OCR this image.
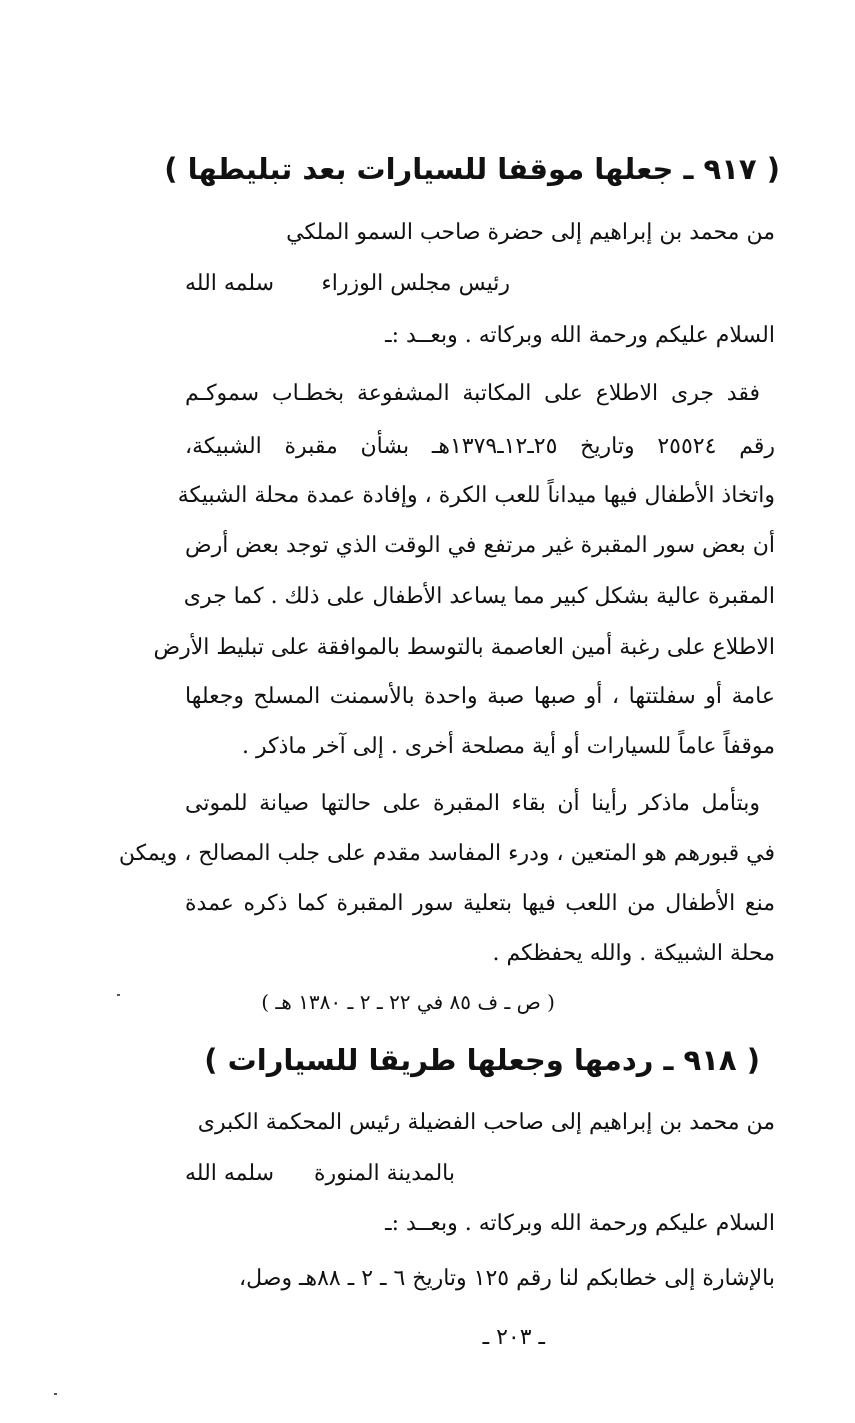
( ٩١٧ ـ جعلها موقفا للسيارات بعد تبليطها )
من محمد بن إبراهيم إلى حضرة صاحب السمو الملكي
رئيس مجلس الوزراء
سلمه الله
السلام عليكم ورحمة الله وبركاته . وبعــد :ـ
فقد جرى الاطلاع على المكاتبة المشفوعة بخطـاب سموكـم
رقم ٢٥٥٢٤ وتاريخ ٢٥ـ١٢ـ١٣٧٩هـ بشأن مقبرة الشبيكة،
واتخاذ الأطفال فيها ميداناً للعب الكرة ، وإفادة عمدة محلة الشبيكة
أن بعض سور المقبرة غير مرتفع في الوقت الذي توجد بعض أرض
المقبرة عالية بشكل كبير مما يساعد الأطفال على ذلك . كما جرى
الاطلاع على رغبة أمين العاصمة بالتوسط بالموافقة على تبليط الأرض
عامة أو سفلتتها ، أو صبها صبة واحدة بالأسمنت المسلح وجعلها
موقفاً عاماً للسيارات أو أية مصلحة أخرى . إلى آخر ماذكر .
وبتأمل ماذكر رأينا أن بقاء المقبرة على حالتها صيانة للموتى
في قبورهم هو المتعين ، ودرء المفاسد مقدم على جلب المصالح ، ويمكن
منع الأطفال من اللعب فيها بتعلية سور المقبرة كما ذكره عمدة
محلة الشبيكة . والله يحفظكم .
( ص ـ ف ٨٥ في ٢٢ ـ ٢ ـ ١٣٨٠ هـ )
( ٩١٨ ـ ردمها وجعلها طريقا للسيارات )
من محمد بن إبراهيم إلى صاحب الفضيلة رئيس المحكمة الكبرى
بالمدينة المنورة
سلمه الله
السلام عليكم ورحمة الله وبركاته . وبعــد :ـ
بالإشارة إلى خطابكم لنا رقم ١٢٥ وتاريخ ٦ ـ ٢ ـ ٨٨هـ وصل،
ـ ٢٠٣ ـ
